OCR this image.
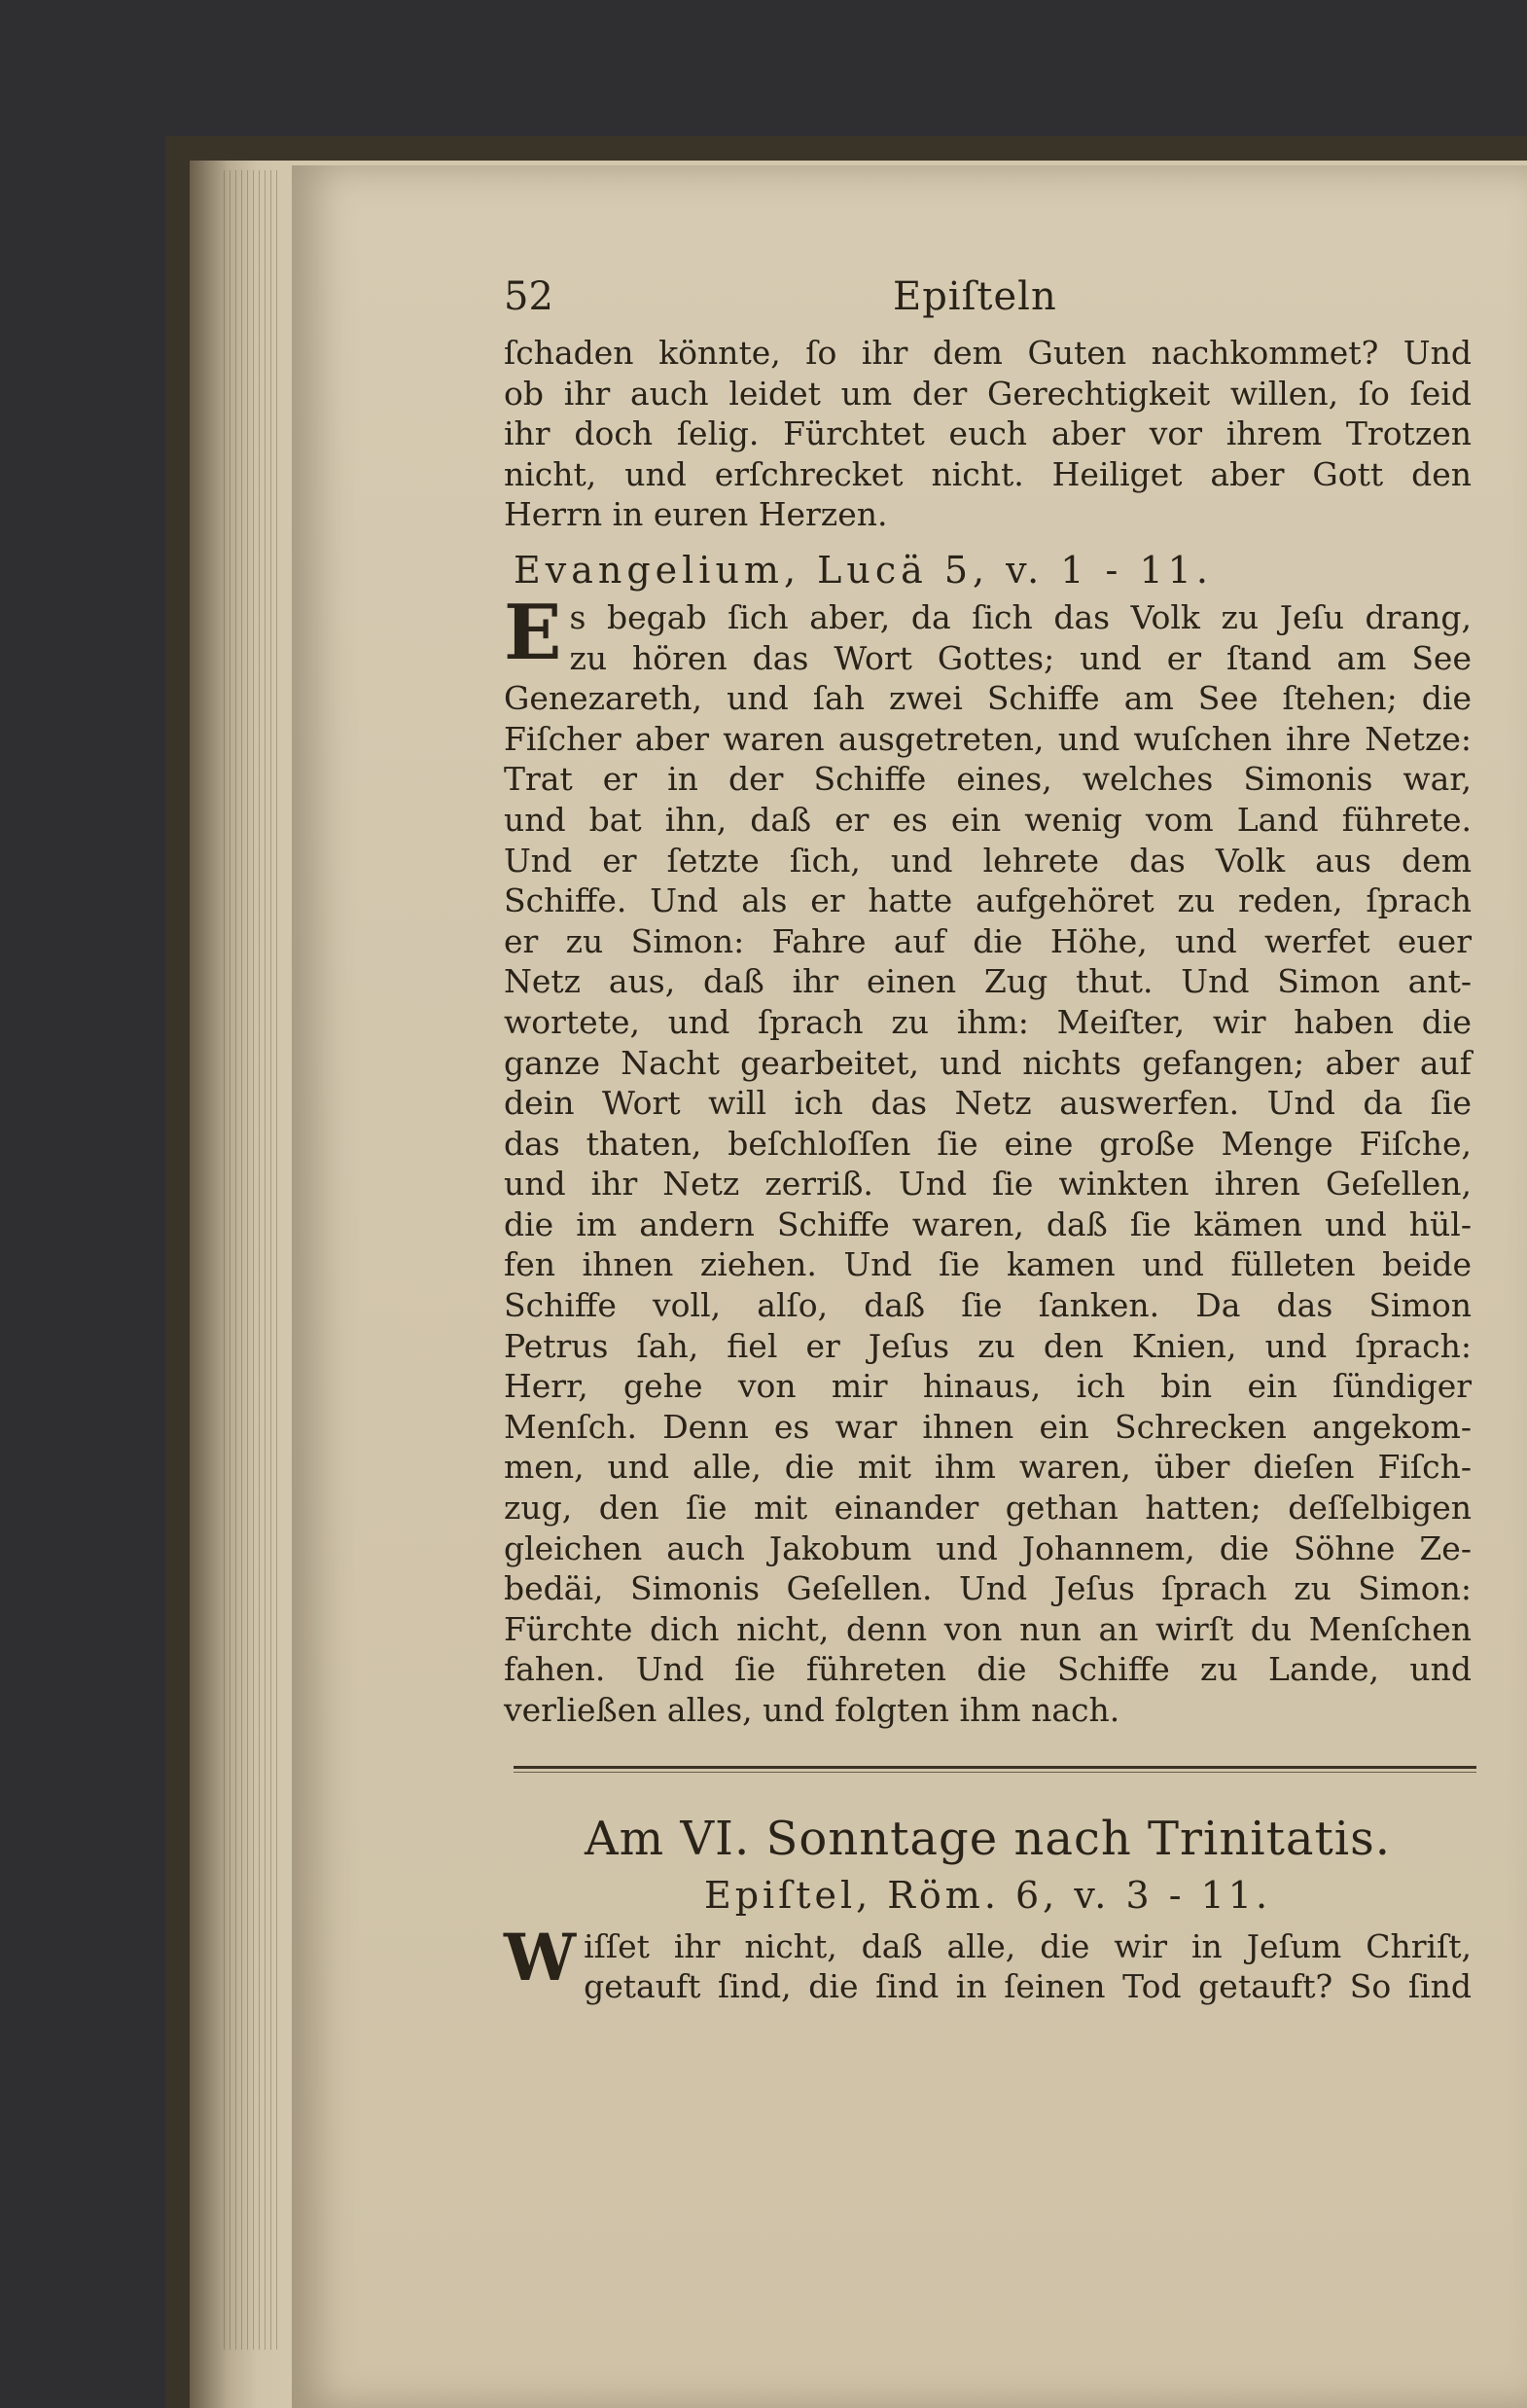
52	Epiſteln
ſchaden könnte, ſo ihr dem Guten nachkommet? Und
ob ihr auch leidet um der Gerechtigkeit willen, ſo ſeid
ihr doch ſelig. Fürchtet euch aber vor ihrem Trotzen
nicht, und erſchrecket nicht. Heiliget aber Gott den
Herrn in euren Herzen.
Evangelium, Lucä 5, v. 1 - 11.
E s begab ſich aber, da ſich das Volk zu Jeſu drang,
zu hören das Wort Gottes; und er ſtand am See
Genezareth, und ſah zwei Schiffe am See ſtehen; die
Fiſcher aber waren ausgetreten, und wuſchen ihre Netze:
Trat er in der Schiffe eines, welches Simonis war,
und bat ihn, daß er es ein wenig vom Land führete.
Und er ſetzte ſich, und lehrete das Volk aus dem
Schiffe. Und als er hatte aufgehöret zu reden, ſprach
er zu Simon: Fahre auf die Höhe, und werfet euer
Netz aus, daß ihr einen Zug thut. Und Simon ant-
wortete, und ſprach zu ihm: Meiſter, wir haben die
ganze Nacht gearbeitet, und nichts gefangen; aber auf
dein Wort will ich das Netz auswerfen. Und da ſie
das thaten, beſchloſſen ſie eine große Menge Fiſche,
und ihr Netz zerriß. Und ſie winkten ihren Geſellen,
die im andern Schiffe waren, daß ſie kämen und hül-
fen ihnen ziehen. Und ſie kamen und fülleten beide
Schiffe voll, alſo, daß ſie ſanken. Da das Simon
Petrus ſah, fiel er Jeſus zu den Knien, und ſprach:
Herr, gehe von mir hinaus, ich bin ein ſündiger
Menſch. Denn es war ihnen ein Schrecken angekom-
men, und alle, die mit ihm waren, über dieſen Fiſch-
zug, den ſie mit einander gethan hatten; deſſelbigen
gleichen auch Jakobum und Johannem, die Söhne Ze-
bedäi, Simonis Geſellen. Und Jeſus ſprach zu Simon:
Fürchte dich nicht, denn von nun an wirſt du Menſchen
fahen. Und ſie führeten die Schiffe zu Lande, und
verließen alles, und folgten ihm nach.
Am VI. Sonntage nach Trinitatis.
Epiſtel, Röm. 6, v. 3 - 11.
W iſſet ihr nicht, daß alle, die wir in Jeſum Chriſt,
getauft ſind, die ſind in ſeinen Tod getauft? So ſind
